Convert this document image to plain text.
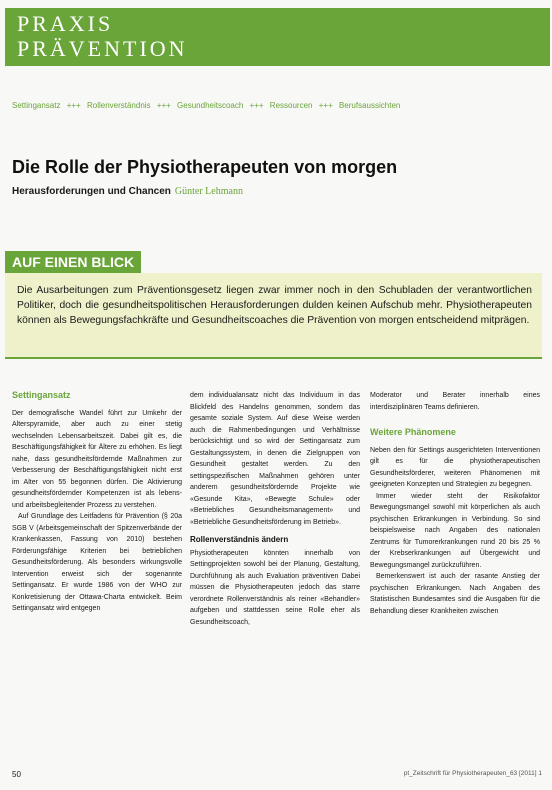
PRAXIS
PRÄVENTION
Settingansatz +++ Rollenverständnis +++ Gesundheitscoach +++ Ressourcen +++ Berufsaussichten
Die Rolle der Physiotherapeuten von morgen
Herausforderungen und Chancen Günter Lehmann
AUF EINEN BLICK

Die Ausarbeitungen zum Präventionsgesetz liegen zwar immer noch in den Schubladen der verantwortlichen Politiker, doch die gesundheitspolitischen Herausforderungen dulden keinen Aufschub mehr. Physiotherapeuten können als Bewegungsfachkräfte und Gesundheitscoaches die Prävention von morgen entscheidend mitprägen.

Settingansatz

Der demografische Wandel führt zur Umkehr der Alterspyramide, aber auch zu einer stetig wechselnden Lebensarbeitszeit. Dabei gilt es, die Beschäftigungsfähigkeit für Ältere zu erhöhen. Es liegt nahe, dass gesundheitsfördernde Maßnahmen zur Verbesserung der Beschäftigungsfähigkeit nicht erst im Alter von 55 begonnen dürfen. Die Aktivierung gesundheitsfördernder Kompetenzen ist als lebens- und arbeitsbegleitender Prozess zu verstehen.

Auf Grundlage des Leitfadens für Prävention (§ 20a SGB V (Arbeitsgemeinschaft der Spitzenverbände der Krankenkassen, Fassung von 2010) bestehen Förderungsfähige Kriterien bei betrieblichen Gesundheitsförderung. Als besonders wirkungsvolle Intervention erweist sich der sogenannte Settingansatz. Er wurde 1986 von der WHO zur Konkretisierung der Ottawa-Charta entwickelt. Beim Settingansatz wird entgegen

dem individualansatz nicht das Individuum in das Blickfeld des Handelns genommen, sondern das gesamte soziale System. Auf diese Weise werden auch die Rahmenbedingungen und Verhältnisse berücksichtigt und so wird der Settingansatz zum Gestaltungssystem, in denen die Zielgruppen von Gesundheit gestaltet werden. Zu den settingspezifischen Maßnahmen gehören unter anderem gesundheitsfördernde Projekte wie «Gesunde Kita», «Bewegte Schule» oder «Betriebliches Gesundheitsmanagement» und «Betriebliche Gesundheitsförderung im Betrieb».

Rollenverständnis ändern

Physiotherapeuten könnten innerhalb von Settingprojekten sowohl bei der Planung, Gestaltung, Durchführung als auch Evaluation präventiven Dabei müssen die Physiotherapeuten jedoch das starre verordnete Rollenverständnis als reiner «Behandler» aufgeben und stattdessen seine Rolle eher als Gesundheitscoach,

Moderator und Berater innerhalb eines interdisziplinären Teams definieren.

Weitere Phänomene

Neben den für Settings ausgerichteten Interventionen gilt es für die physiotherapeutischen Gesundheitsförderer, weiteren Phänomenen mit geeigneten Konzepten und Strategien zu begegnen.

Immer wieder steht der Risikofaktor Bewegungsmangel sowohl mit körperlichen als auch psychischen Erkrankungen in Verbindung. So sind beispielsweise nach Angaben des nationalen Zentrums für Tumorerkrankungen rund 20 bis 25 % der Krebserkrankungen auf Übergewicht und Bewegungsmangel zurückzuführen.

Bemerkenswert ist auch der rasante Anstieg der psychischen Erkrankungen. Nach Angaben des Statistischen Bundesamtes sind die Ausgaben für die Behandlung dieser Krankheiten zwischen

50	pt_Zeitschrift für Physiotherapeuten_63 [2011] 1
